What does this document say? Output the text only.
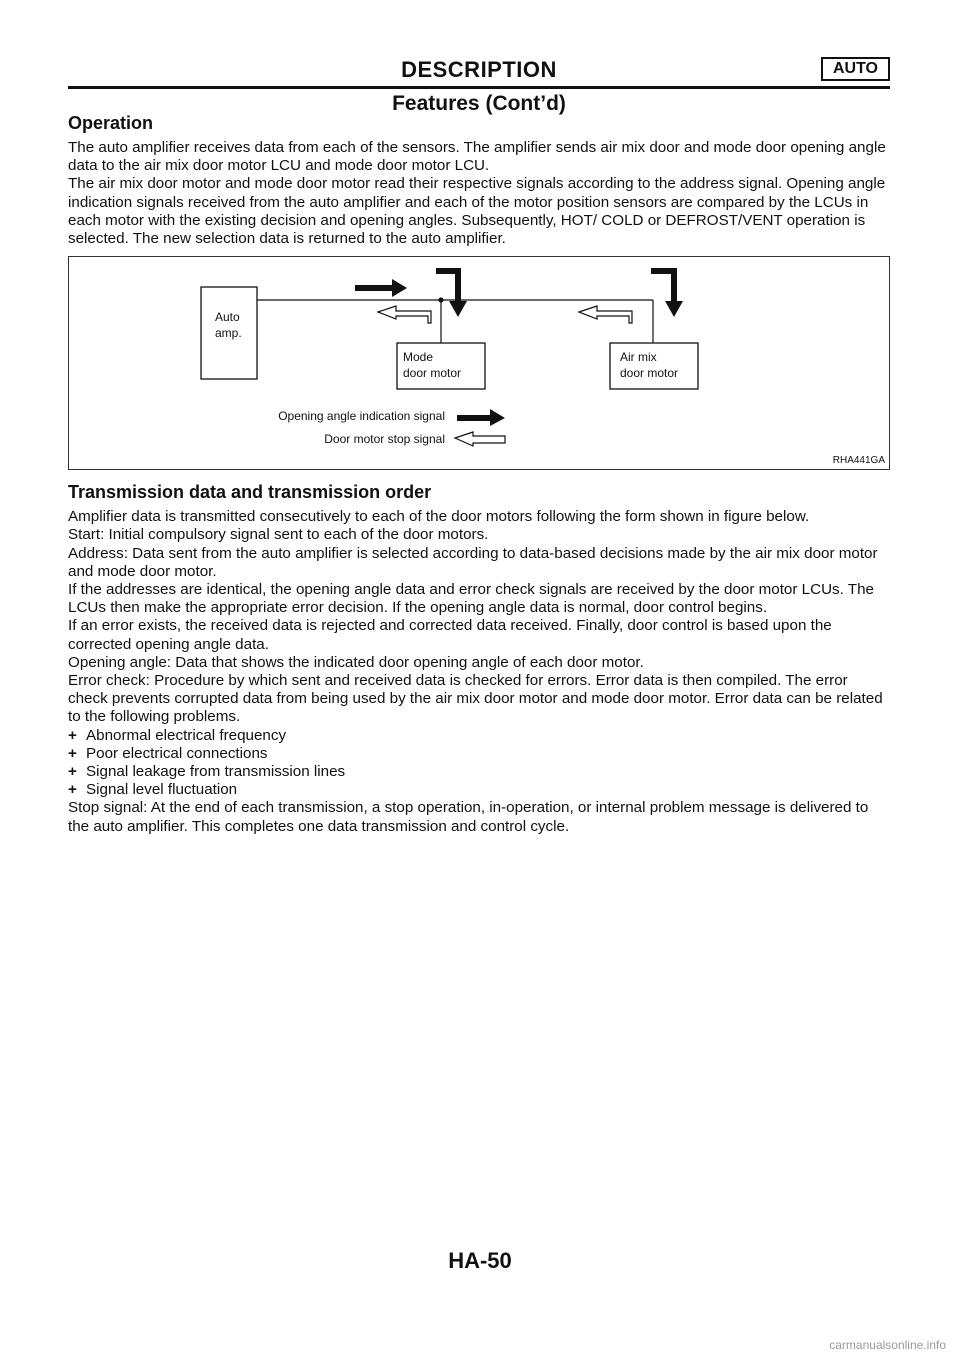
DESCRIPTION	AUTO
Features (Cont’d)
Operation

The auto amplifier receives data from each of the sensors. The amplifier sends air mix door and mode door opening angle data to the air mix door motor LCU and mode door motor LCU.

The air mix door motor and mode door motor read their respective signals according to the address signal. Opening angle indication signals received from the auto amplifier and each of the motor position sensors are compared by the LCUs in each motor with the existing decision and opening angles. Subsequently, HOT/ COLD or DEFROST/VENT operation is selected. The new selection data is returned to the auto amplifier.

Auto
amp.
Mode
door motor
Air mix
door motor
Opening angle indication signal
Door motor stop signal
RHA441GA
Transmission data and transmission order

Amplifier data is transmitted consecutively to each of the door motors following the form shown in figure below.

Start: Initial compulsory signal sent to each of the door motors.

Address: Data sent from the auto amplifier is selected according to data-based decisions made by the air mix door motor and mode door motor.

If the addresses are identical, the opening angle data and error check signals are received by the door motor LCUs. The LCUs then make the appropriate error decision. If the opening angle data is normal, door control begins.

If an error exists, the received data is rejected and corrected data received. Finally, door control is based upon the corrected opening angle data.

Opening angle: Data that shows the indicated door opening angle of each door motor.

Error check: Procedure by which sent and received data is checked for errors. Error data is then compiled. The error check prevents corrupted data from being used by the air mix door motor and mode door motor. Error data can be related to the following problems.

+ Abnormal electrical frequency

+ Poor electrical connections

+ Signal leakage from transmission lines

+ Signal level fluctuation

Stop signal: At the end of each transmission, a stop operation, in-operation, or internal problem message is delivered to the auto amplifier. This completes one data transmission and control cycle.

HA-50
carmanualsonline.info
